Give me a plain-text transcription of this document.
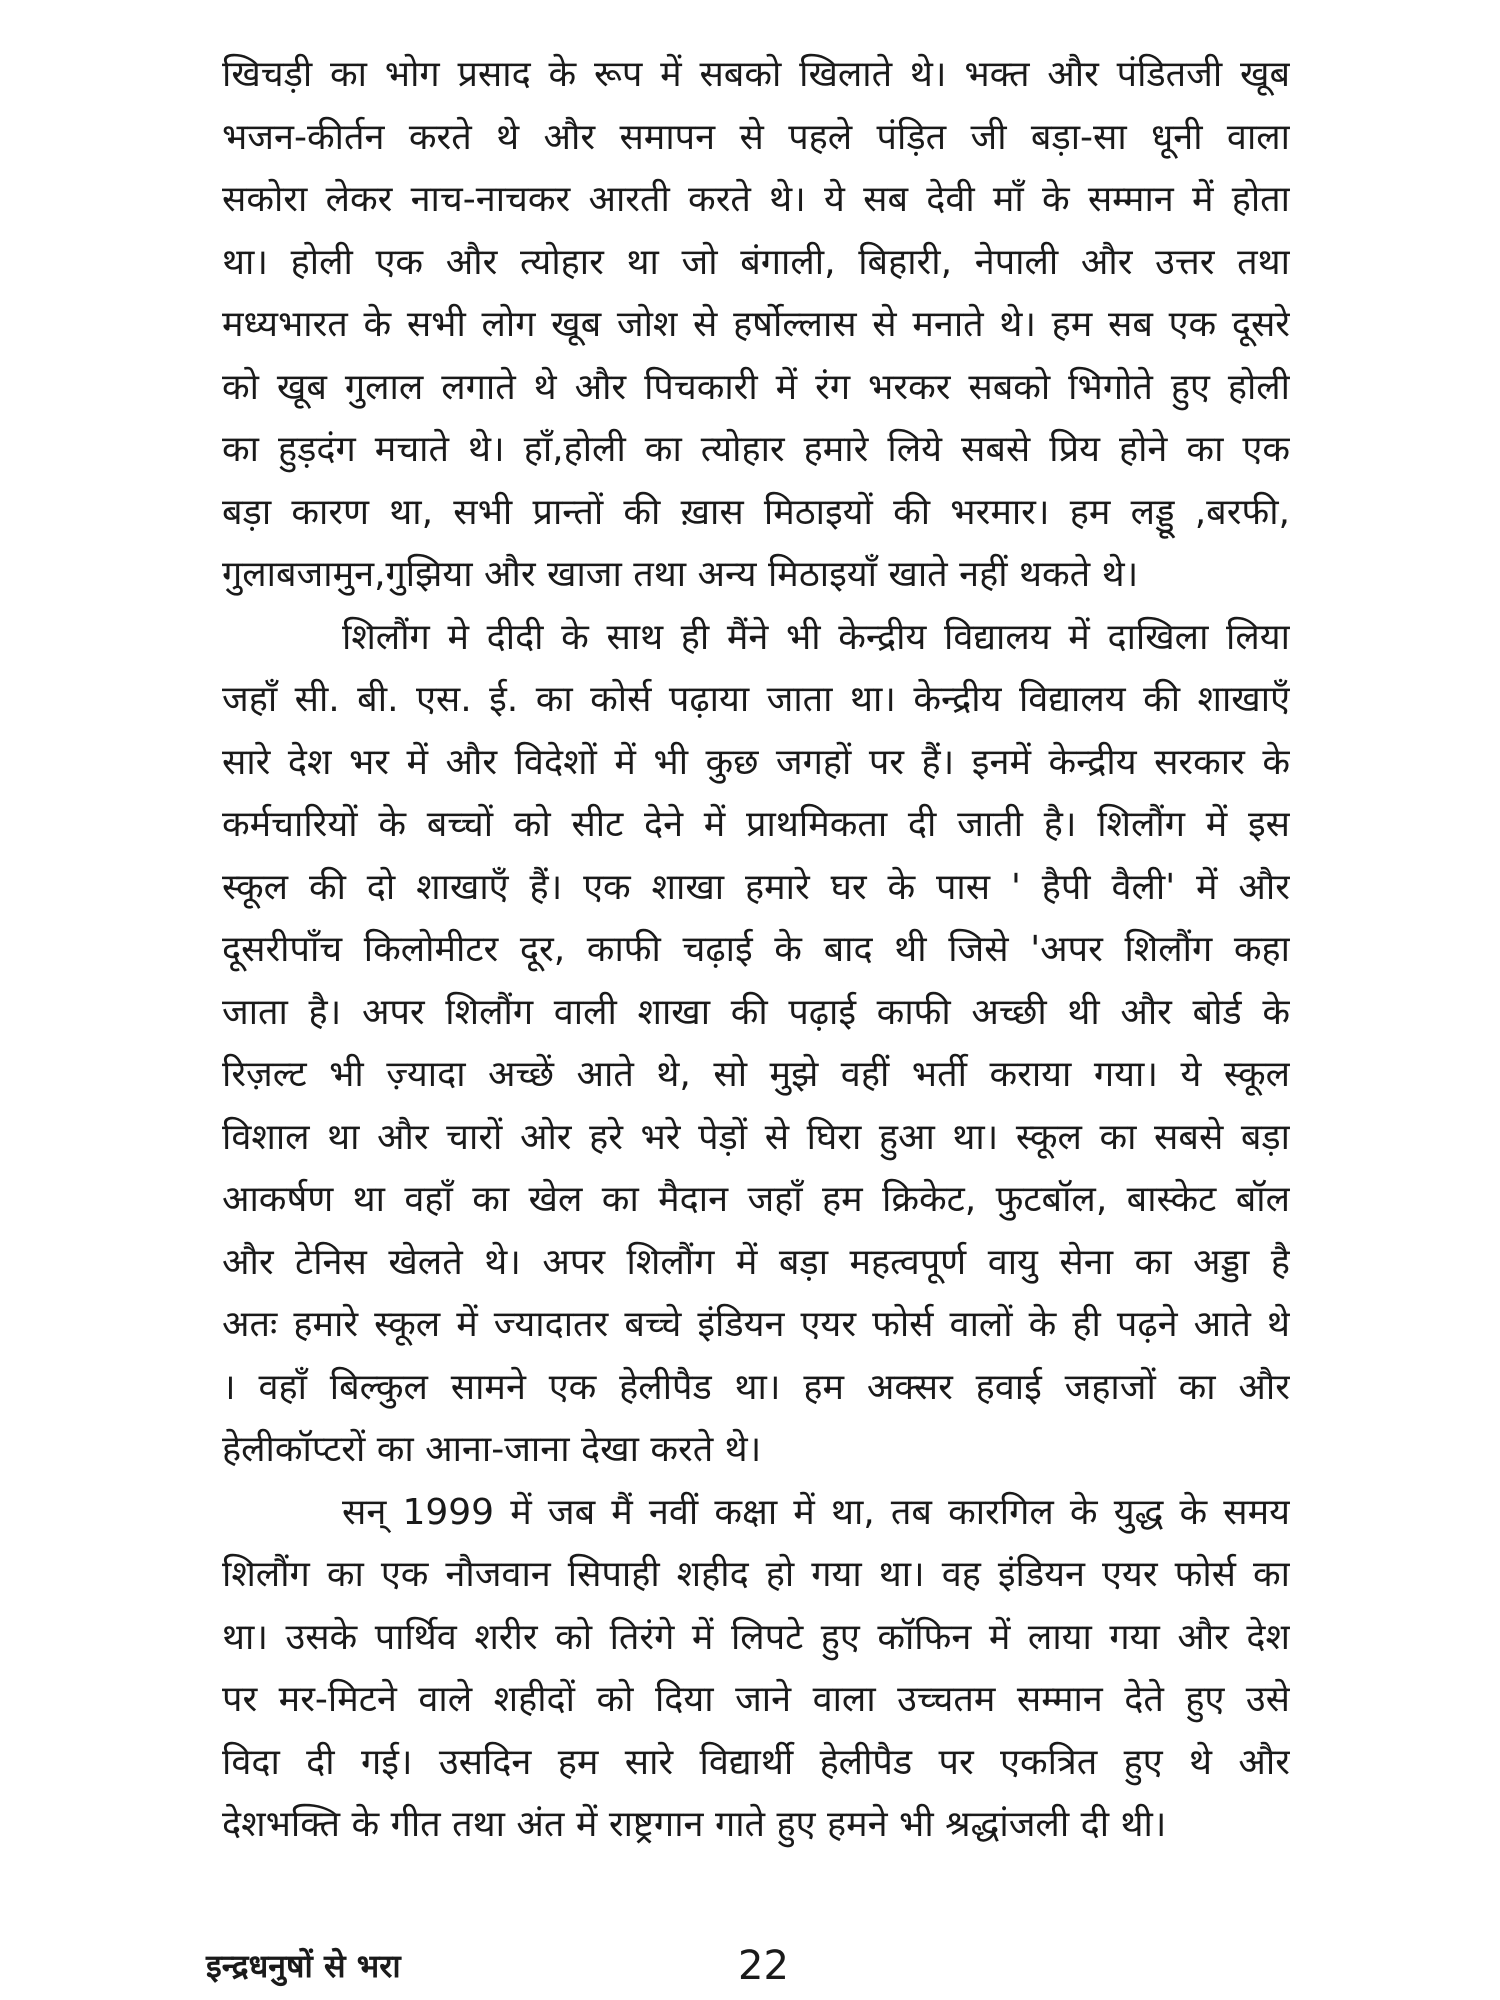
खिचड़ी का भोग प्रसाद के रूप में सबको खिलाते थे। भक्त और पंडितजी खूब
भजन-कीर्तन करते थे और समापन से पहले पंड़ित जी बड़ा-सा धूनी वाला
सकोरा लेकर नाच-नाचकर आरती करते थे। ये सब देवी माँ के सम्मान में होता
था। होली एक और त्योहार था जो बंगाली, बिहारी, नेपाली और उत्तर तथा
मध्यभारत के सभी लोग खूब जोश से हर्षोल्लास से मनाते थे। हम सब एक दूसरे
को खूब गुलाल लगाते थे और पिचकारी में रंग भरकर सबको भिगोते हुए होली
का हुड़दंग मचाते थे। हाँ,होली का त्योहार हमारे लिये सबसे प्रिय होने का एक
बड़ा कारण था, सभी प्रान्तों की ख़ास मिठाइयों की भरमार। हम लड्डू ,बरफी,
गुलाबजामुन,गुझिया और खाजा तथा अन्य मिठाइयाँ खाते नहीं थकते थे।
शिलौंग मे दीदी के साथ ही मैंने भी केन्द्रीय विद्यालय में दाखिला लिया
जहाँ सी. बी. एस. ई. का कोर्स पढ़ाया जाता था। केन्द्रीय विद्यालय की शाखाएँ
सारे देश भर में और विदेशों में भी कुछ जगहों पर हैं। इनमें केन्द्रीय सरकार के
कर्मचारियों के बच्चों को सीट देने में प्राथमिकता दी जाती है। शिलौंग में इस
स्कूल की दो शाखाएँ हैं। एक शाखा हमारे घर के पास ' हैपी वैली' में और
दूसरीपाँच किलोमीटर दूर, काफी चढ़ाई के बाद थी जिसे 'अपर शिलौंग कहा
जाता है। अपर शिलौंग वाली शाखा की पढ़ाई काफी अच्छी थी और बोर्ड के
रिज़ल्ट भी ज़्यादा अच्छें आते थे, सो मुझे वहीं भर्ती कराया गया। ये स्कूल
विशाल था और चारों ओर हरे भरे पेड़ों से घिरा हुआ था। स्कूल का सबसे बड़ा
आकर्षण था वहाँ का खेल का मैदान जहाँ हम क्रिकेट, फुटबॉल, बास्केट बॉल
और टेनिस खेलते थे। अपर शिलौंग में बड़ा महत्वपूर्ण वायु सेना का अड्डा है
अतः हमारे स्कूल में ज्यादातर बच्चे इंडियन एयर फोर्स वालों के ही पढ़ने आते थे
। वहाँ बिल्कुल सामने एक हेलीपैड था। हम अक्सर हवाई जहाजों का और
हेलीकॉप्टरों का आना-जाना देखा करते थे।
सन् 1999 में जब मैं नवीं कक्षा में था, तब कारगिल के युद्ध के समय
शिलौंग का एक नौजवान सिपाही शहीद हो गया था। वह इंडियन एयर फोर्स का
था। उसके पार्थिव शरीर को तिरंगे में लिपटे हुए कॉफिन में लाया गया और देश
पर मर-मिटने वाले शहीदों को दिया जाने वाला उच्चतम सम्मान देते हुए उसे
विदा दी गई। उसदिन हम सारे विद्यार्थी हेलीपैड पर एकत्रित हुए थे और
देशभक्ति के गीत तथा अंत में राष्ट्रगान गाते हुए हमने भी श्रद्धांजली दी थी।
इन्द्रधनुषों से भरा	22
